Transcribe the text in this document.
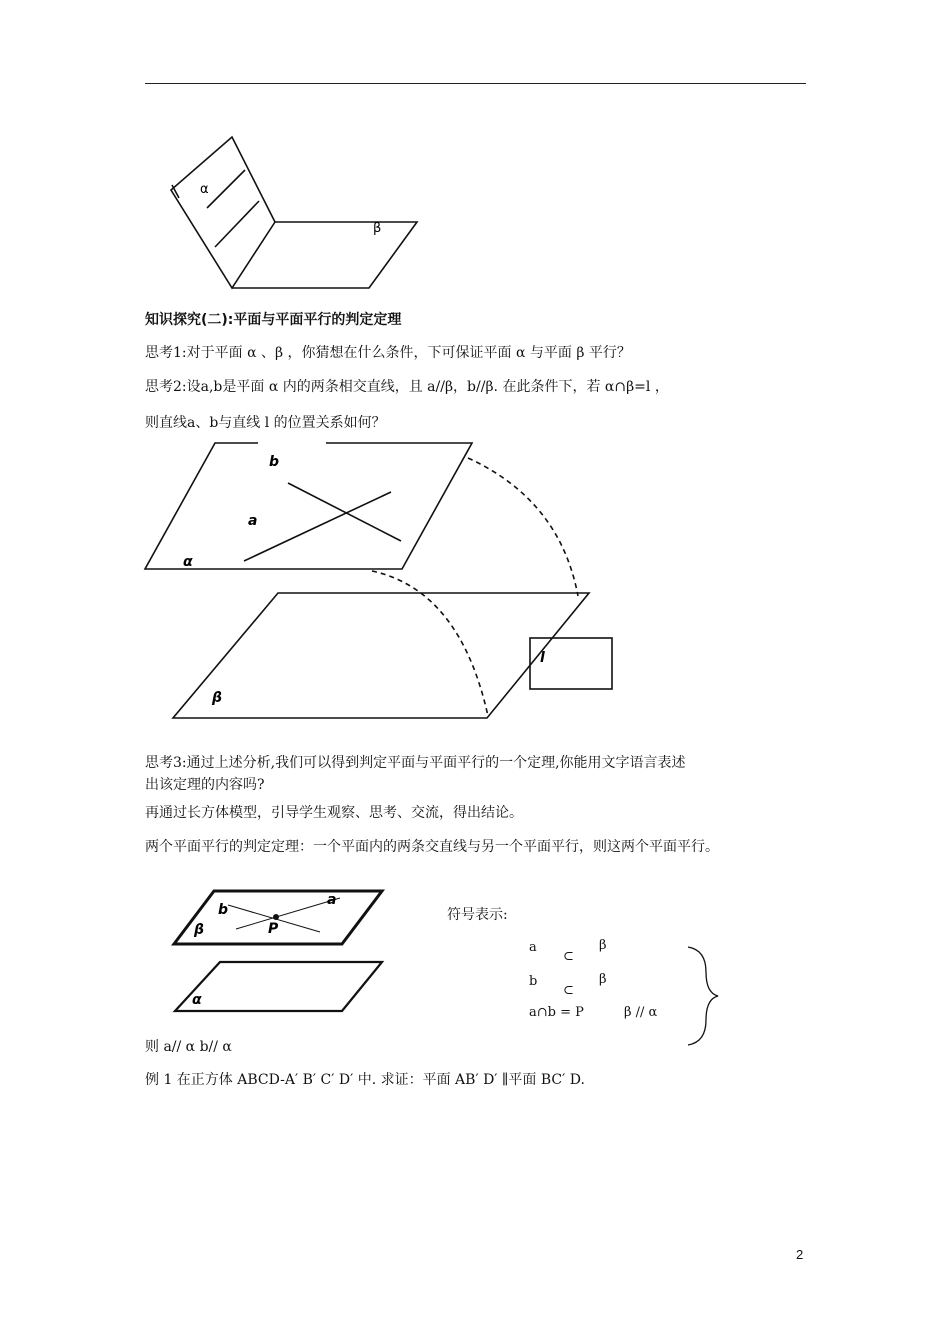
α
β
知识探究(二):平面与平面平行的判定定理
思考1:对于平面 α 、β ，你猜想在什么条件，下可保证平面 α 与平面 β 平行？
思考2:设a,b是平面 α 内的两条相交直线，且 a//β，b//β. 在此条件下，若 α∩β=l ，
则直线a、b与直线 l 的位置关系如何？
b
a
α
β
l
思考3:通过上述分析,我们可以得到判定平面与平面平行的一个定理,你能用文字语言表述
出该定理的内容吗?
再通过长方体模型，引导学生观察、思考、交流，得出结论。
两个平面平行的判定定理：一个平面内的两条交直线与另一个平面平行，则这两个平面平行。
b
a
P
β
α
符号表示:
a
⊂
β
b
⊂
β
a∩b = P	β // α
则 a// α b// α
例 1 在正方体 ABCD-A′ B′ C′ D′ 中. 求证：平面 AB′ D′ ∥平面 BC′ D.
2
